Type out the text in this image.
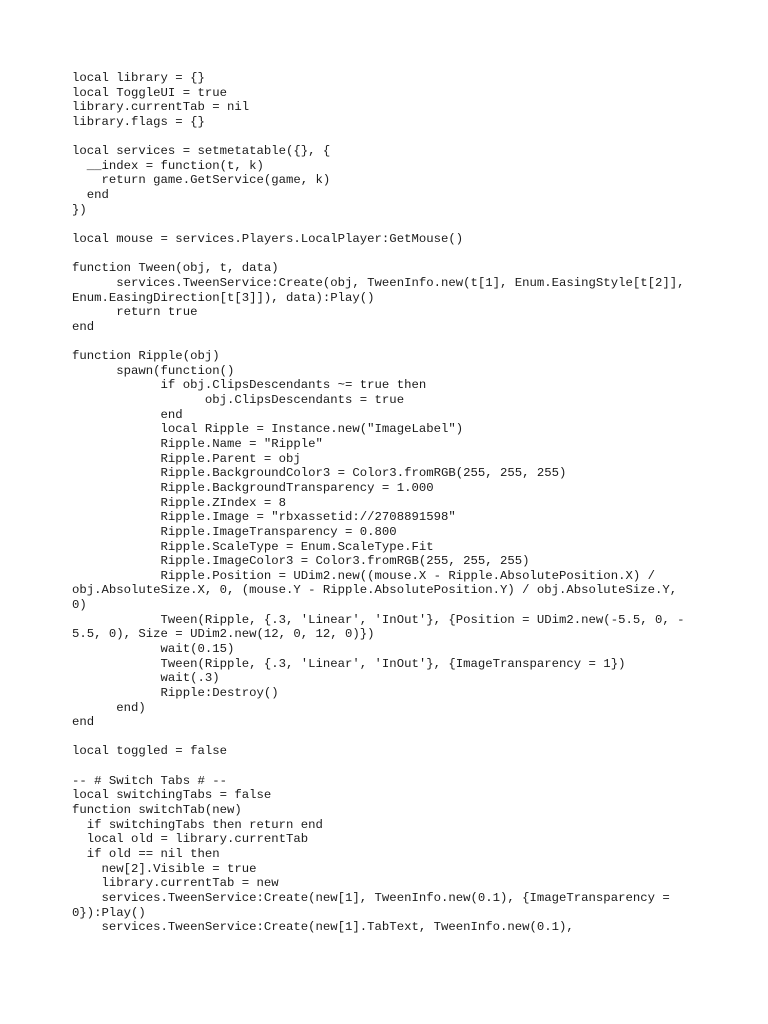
local library = {}
local ToggleUI = true
library.currentTab = nil
library.flags = {}
local services = setmetatable({}, {
__index = function(t, k)
return game.GetService(game, k)
end
})
local mouse = services.Players.LocalPlayer:GetMouse()
function Tween(obj, t, data)
services.TweenService:Create(obj, TweenInfo.new(t[1], Enum.EasingStyle[t[2]],
Enum.EasingDirection[t[3]]), data):Play()
return true
end
function Ripple(obj)
spawn(function()
if obj.ClipsDescendants ~= true then
obj.ClipsDescendants = true
end
local Ripple = Instance.new("ImageLabel")
Ripple.Name = "Ripple"
Ripple.Parent = obj
Ripple.BackgroundColor3 = Color3.fromRGB(255, 255, 255)
Ripple.BackgroundTransparency = 1.000
Ripple.ZIndex = 8
Ripple.Image = "rbxassetid://2708891598"
Ripple.ImageTransparency = 0.800
Ripple.ScaleType = Enum.ScaleType.Fit
Ripple.ImageColor3 = Color3.fromRGB(255, 255, 255)
Ripple.Position = UDim2.new((mouse.X - Ripple.AbsolutePosition.X) /
obj.AbsoluteSize.X, 0, (mouse.Y - Ripple.AbsolutePosition.Y) / obj.AbsoluteSize.Y,
0)
Tween(Ripple, {.3, 'Linear', 'InOut'}, {Position = UDim2.new(-5.5, 0, -
5.5, 0), Size = UDim2.new(12, 0, 12, 0)})
wait(0.15)
Tween(Ripple, {.3, 'Linear', 'InOut'}, {ImageTransparency = 1})
wait(.3)
Ripple:Destroy()
end)
end
local toggled = false
-- # Switch Tabs # --
local switchingTabs = false
function switchTab(new)
if switchingTabs then return end
local old = library.currentTab
if old == nil then
new[2].Visible = true
library.currentTab = new
services.TweenService:Create(new[1], TweenInfo.new(0.1), {ImageTransparency =
0}):Play()
services.TweenService:Create(new[1].TabText, TweenInfo.new(0.1),
